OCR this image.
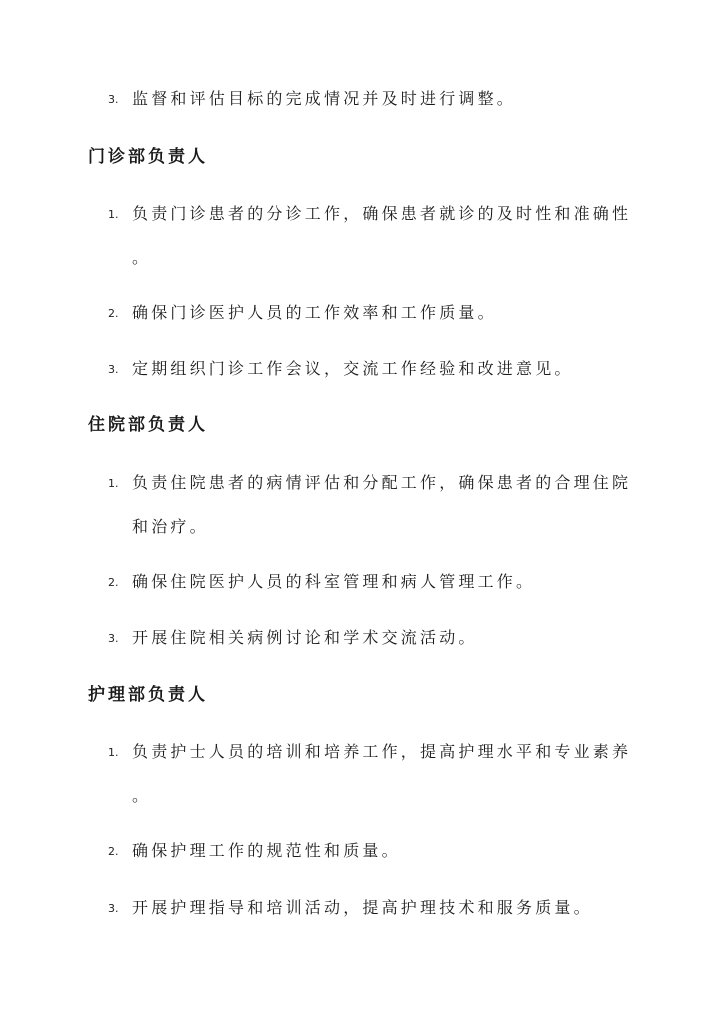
3. 监督和评估目标的完成情况并及时进行调整。
门诊部负责人
1. 负责门诊患者的分诊工作，确保患者就诊的及时性和准确性
。
2. 确保门诊医护人员的工作效率和工作质量。
3. 定期组织门诊工作会议，交流工作经验和改进意见。
住院部负责人
1. 负责住院患者的病情评估和分配工作，确保患者的合理住院
和治疗。
2. 确保住院医护人员的科室管理和病人管理工作。
3. 开展住院相关病例讨论和学术交流活动。
护理部负责人
1. 负责护士人员的培训和培养工作，提高护理水平和专业素养
。
2. 确保护理工作的规范性和质量。
3. 开展护理指导和培训活动，提高护理技术和服务质量。
